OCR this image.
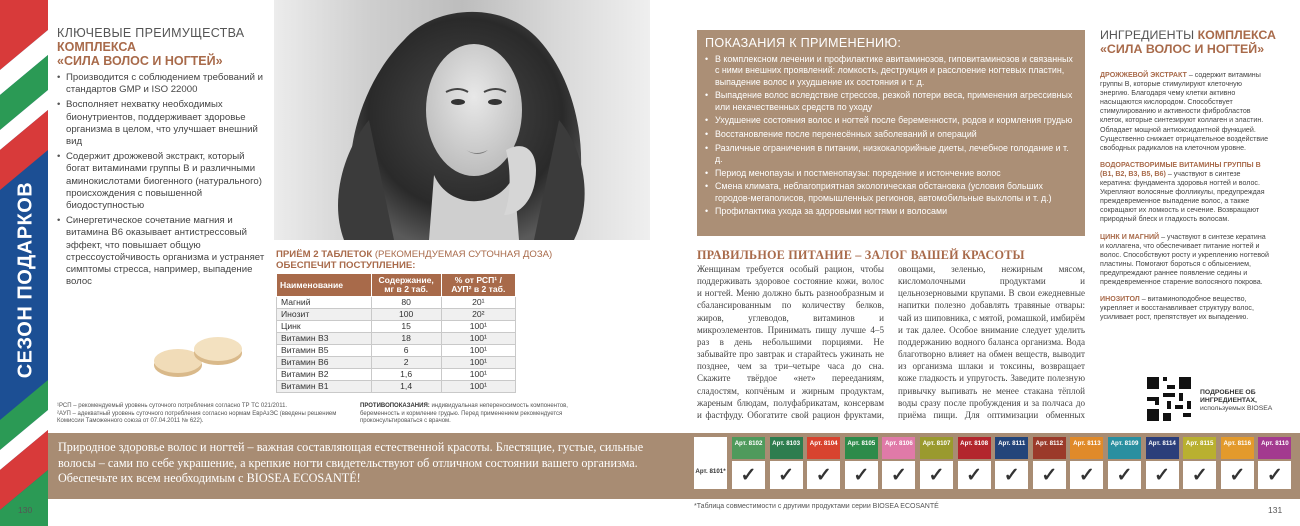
СЕЗОН ПОДАРКОВ
КЛЮЧЕВЫЕ ПРЕИМУЩЕСТВА
КОМПЛЕКСА
«СИЛА ВОЛОС И НОГТЕЙ»
• Производится с соблюдением требований и стандартов GMP и ISO 22000
• Восполняет нехватку необходимых бионутриентов, поддерживает здоровье организма в целом, что улучшает внешний вид
• Содержит дрожжевой экстракт, который богат витаминами группы B и различными аминокислотами биогенного (натурального) происхождения с повышенной биодоступностью
• Синергетическое сочетание магния и витамина B6 оказывает антистрессовый эффект, что повышает общую стрессоустойчивость организма и устраняет симптомы стресса, например, выпадение волос
ПРИЁМ 2 ТАБЛЕТОК (РЕКОМЕНДУЕМАЯ СУТОЧНАЯ ДОЗА)
ОБЕСПЕЧИТ ПОСТУПЛЕНИЕ:
Наименование	Содержание, мг в 2 таб.	% от РСП¹ / АУП² в 2 таб.
Магний	80	20¹
Инозит	100	20²
Цинк	15	100¹
Витамин B3	18	100¹
Витамин B5	6	100¹
Витамин B6	2	100¹
Витамин B2	1,6	100¹
Витамин B1	1,4	100¹
¹РСП – рекомендуемый уровень суточного потребления согласно ТР ТС 021/2011.
²АУП – адекватный уровень суточного потребления согласно нормам ЕврАзЭС (введены решением Комиссии Таможенного союза от 07.04.2011 № 622).
ПРОТИВОПОКАЗАНИЯ: индивидуальная непереносимость компонентов, беременность и кормление грудью. Перед применением рекомендуется проконсультироваться с врачом.
ПОКАЗАНИЯ К ПРИМЕНЕНИЮ:
• В комплексном лечении и профилактике авитаминозов, гиповитаминозов и связанных с ними внешних проявлений: ломкость, деструкция и расслоение ногтевых пластин, выпадение волос и ухудшение их состояния и т. д.
• Выпадение волос вследствие стрессов, резкой потери веса, применения агрессивных или некачественных средств по уходу
• Ухудшение состояния волос и ногтей после беременности, родов и кормления грудью
• Восстановление после перенесённых заболеваний и операций
• Различные ограничения в питании, низкокалорийные диеты, лечебное голодание и т. д.
• Период менопаузы и постменопаузы: поредение и истончение волос
• Смена климата, неблагоприятная экологическая обстановка (условия больших городов-мегаполисов, промышленных регионов, автомобильные выхлопы и т. д.)
• Профилактика ухода за здоровыми ногтями и волосами
ПРАВИЛЬНОЕ ПИТАНИЕ – ЗАЛОГ ВАШЕЙ КРАСОТЫ
Женщинам требуется особый рацион, чтобы поддерживать здоровое состояние кожи, волос и ногтей. Меню должно быть разнообразным и сбалансированным по количеству белков, жиров, углеводов, витаминов и микроэлементов. Принимать пищу лучше 4–5 раз в день небольшими порциями. Не забывайте про завтрак и старайтесь ужинать не позднее, чем за три–четыре часа до сна. Скажите твёрдое «нет» перееданиям, сладостям, копчёным и жирным продуктам, жареным блюдам, полуфабрикатам, консервам и фастфуду. Обогатите свой рацион фруктами, овощами, зеленью, нежирным мясом, кисломолочными продуктами и цельнозерновыми крупами. В свои ежедневные напитки полезно добавлять травяные отвары: чай из шиповника, с мятой, ромашкой, имбирём и так далее. Особое внимание следует уделить поддержанию водного баланса организма. Вода благотворно влияет на обмен веществ, выводит из организма шлаки и токсины, возвращает коже гладкость и упругость. Заведите полезную привычку выпивать не менее стакана тёплой воды сразу после пробуждения и за полчаса до приёма пищи. Для оптимизации обменных
ИНГРЕДИЕНТЫ КОМПЛЕКСА
«СИЛА ВОЛОС И НОГТЕЙ»

ДРОЖЖЕВОЙ ЭКСТРАКТ – содержит витамины группы B, которые стимулируют клеточную энергию. Благодаря чему клетки активно насыщаются кислородом. Способствует стимулированию и активности фибробластов клеток, которые синтезируют коллаген и эластин. Обладает мощной антиоксидантной функцией. Существенно снижает отрицательное воздействие свободных радикалов на клеточном уровне.

ВОДОРАСТВОРИМЫЕ ВИТАМИНЫ ГРУППЫ B (B1, B2, B3, B5, B6) – участвуют в синтезе кератина: фундамента здоровья ногтей и волос. Укрепляют волосяные фолликулы, предупреждая преждевременное выпадение волос, а также сокращают их ломкость и сечение. Возвращают природный блеск и гладкость волосам.

ЦИНК И МАГНИЙ – участвуют в синтезе кератина и коллагена, что обеспечивает питание ногтей и волос. Способствуют росту и укреплению ногтевой пластины. Помогают бороться с облысением, предупреждают раннее появление седины и преждевременное старение волосяного покрова.

ИНОЗИТОЛ – витаминоподобное вещество, укрепляет и восстанавливает структуру волос, усиливает рост, препятствует их выпадению.

ПОДРОБНЕЕ ОБ ИНГРЕДИЕНТАХ,
используемых BIOSEA
Природное здоровье волос и ногтей – важная составляющая естественной красоты. Блестящие, густые, сильные волосы – сами по себе украшение, а крепкие ногти свидетельствуют об отличном состоянии вашего организма. Обеспечьте их всем необходимым с BIOSEA ECOSANTÉ!	Арт. 8101*
Арт. 8102
✓
Арт. 8103
✓
Арт. 8104
✓
Арт. 8105
✓
Арт. 8106
✓
Арт. 8107
✓
Арт. 8108
✓
Арт. 8111
✓
Арт. 8112
✓
Арт. 8113
✓
Арт. 8109
✓
Арт. 8114
✓
Арт. 8115
✓
Арт. 8116
✓
Арт. 8110
✓
*Таблица совместимости с другими продуктами серии BIOSEA ECOSANTÉ
130	131
